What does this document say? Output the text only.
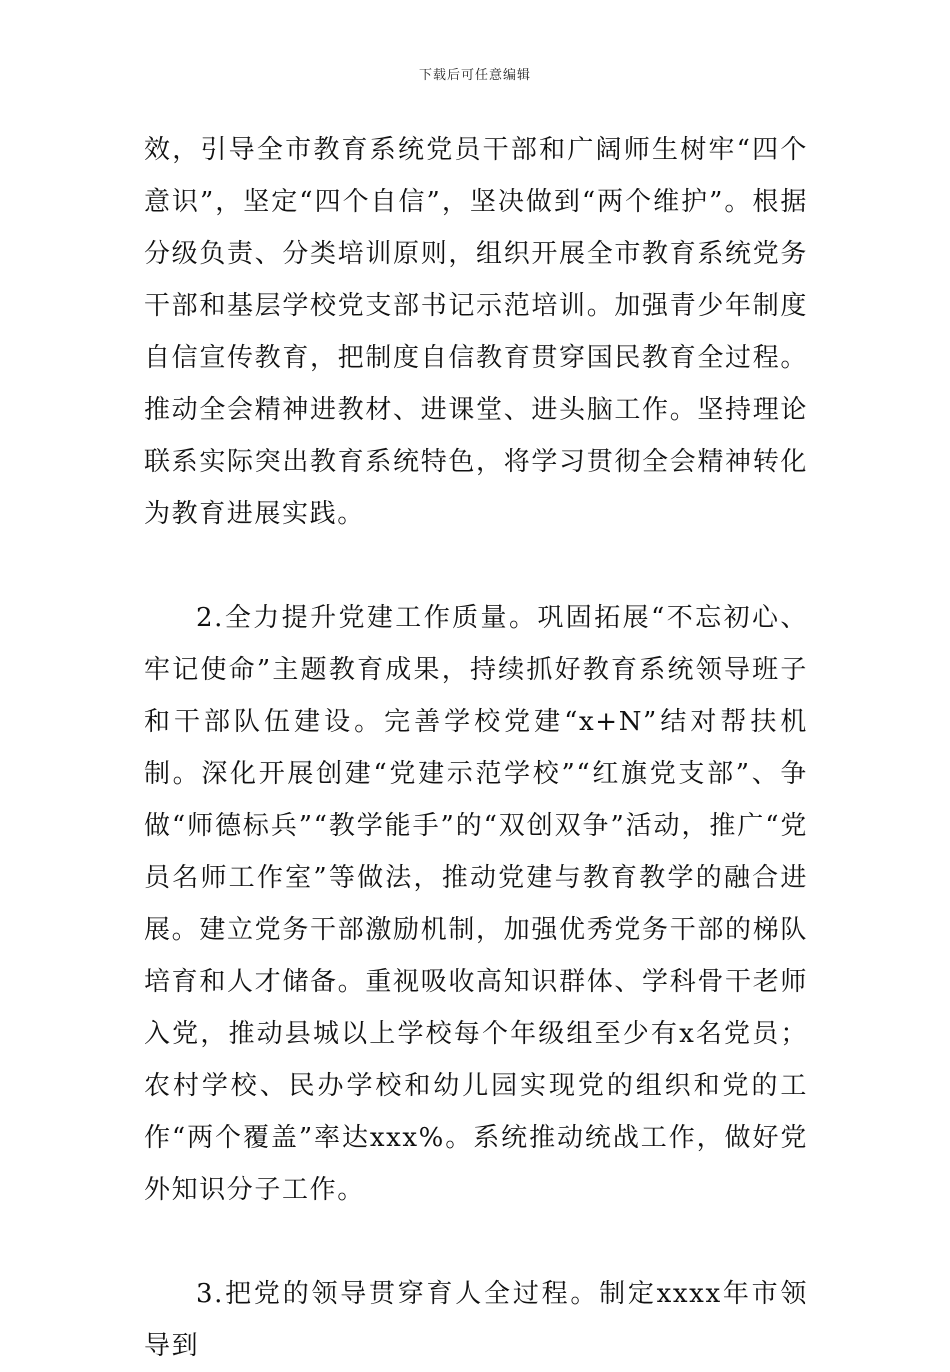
下载后可任意编辑

效，引导全市教育系统党员干部和广阔师生树牢“四个意识”，坚定“四个自信”，坚决做到“两个维护”。根据分级负责、分类培训原则，组织开展全市教育系统党务干部和基层学校党支部书记示范培训。加强青少年制度自信宣传教育，把制度自信教育贯穿国民教育全过程。推动全会精神进教材、进课堂、进头脑工作。坚持理论联系实际突出教育系统特色，将学习贯彻全会精神转化为教育进展实践。

2.全力提升党建工作质量。巩固拓展“不忘初心、牢记使命”主题教育成果，持续抓好教育系统领导班子和干部队伍建设。完善学校党建“x+N”结对帮扶机制。深化开展创建“党建示范学校”“红旗党支部”、争做“师德标兵”“教学能手”的“双创双争”活动，推广“党员名师工作室”等做法，推动党建与教育教学的融合进展。建立党务干部激励机制，加强优秀党务干部的梯队培育和人才储备。重视吸收高知识群体、学科骨干老师入党，推动县城以上学校每个年级组至少有x名党员；农村学校、民办学校和幼儿园实现党的组织和党的工作“两个覆盖”率达xxx%。系统推动统战工作，做好党外知识分子工作。

3.把党的领导贯穿育人全过程。制定xxxx年市领导到
